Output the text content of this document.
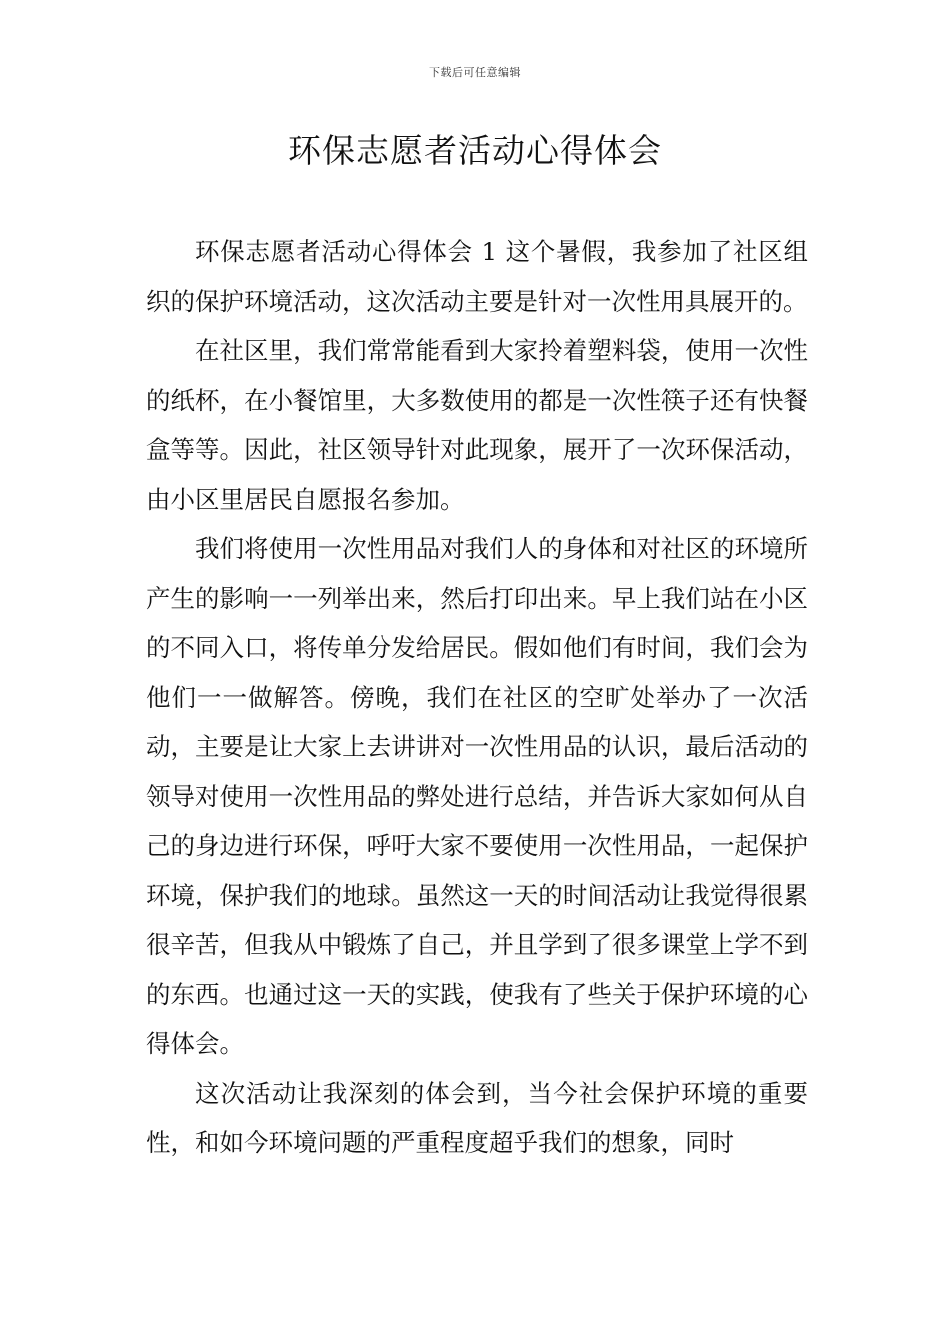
下载后可任意编辑
环保志愿者活动心得体会

环保志愿者活动心得体会 1 这个暑假，我参加了社区组织的保护环境活动，这次活动主要是针对一次性用具展开的。

在社区里，我们常常能看到大家拎着塑料袋，使用一次性的纸杯，在小餐馆里，大多数使用的都是一次性筷子还有快餐盒等等。因此，社区领导针对此现象，展开了一次环保活动，由小区里居民自愿报名参加。

我们将使用一次性用品对我们人的身体和对社区的环境所产生的影响一一列举出来，然后打印出来。早上我们站在小区的不同入口，将传单分发给居民。假如他们有时间，我们会为他们一一做解答。傍晚，我们在社区的空旷处举办了一次活动，主要是让大家上去讲讲对一次性用品的认识，最后活动的领导对使用一次性用品的弊处进行总结，并告诉大家如何从自己的身边进行环保，呼吁大家不要使用一次性用品，一起保护环境，保护我们的地球。虽然这一天的时间活动让我觉得很累很辛苦，但我从中锻炼了自己，并且学到了很多课堂上学不到的东西。也通过这一天的实践，使我有了些关于保护环境的心得体会。

这次活动让我深刻的体会到，当今社会保护环境的重要性，和如今环境问题的严重程度超乎我们的想象，同时
